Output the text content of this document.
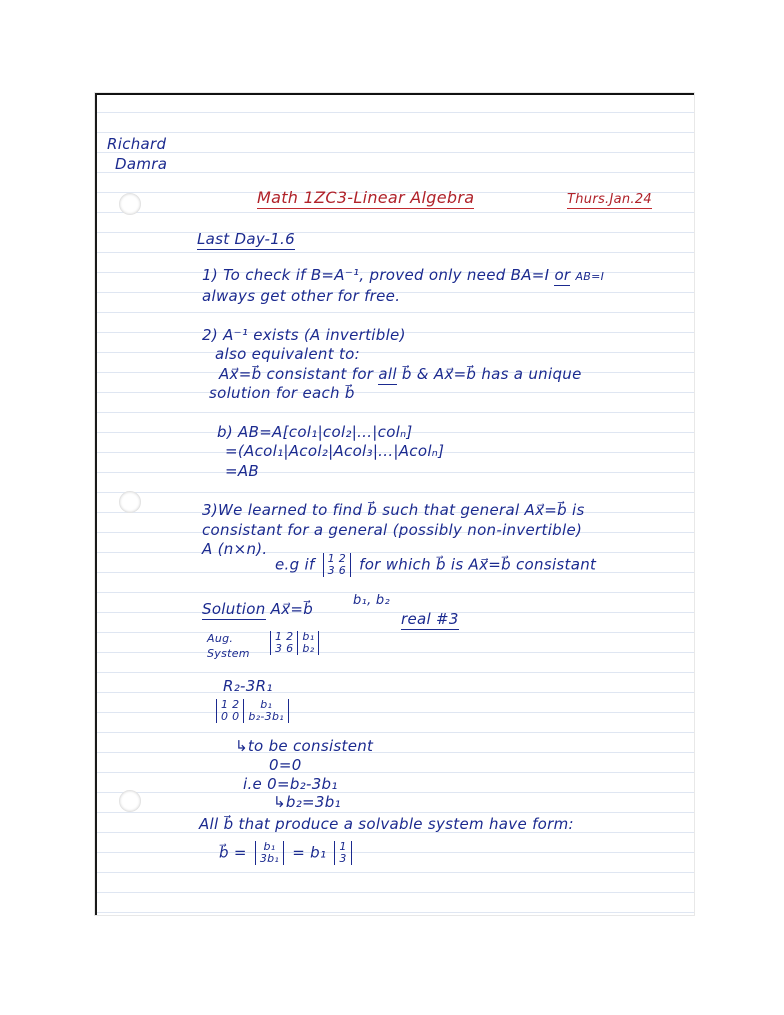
Richard
Damra
Math 1ZC3-Linear Algebra	Thurs.Jan.24
Last Day-1.6
1) To check if B=A⁻¹, proved only need BA=I or AB=I
always get other for free.
2) A⁻¹ exists (A invertible)
also equivalent to:
Ax⃗=b⃗ consistant for all b⃗ & Ax⃗=b⃗ has a unique
solution for each b⃗
b) AB=A[col₁|col₂|...|colₙ]
=(Acol₁|Acol₂|Acol₃|...|Acolₙ]
=AB
3)We learned to find b⃗ such that general Ax⃗=b⃗ is
consistant for a general (possibly non-invertible)
A (n×n).
e.g if 1 2
3 6 for which b⃗ is Ax⃗=b⃗ consistant
Solution Ax⃗=b⃗	b₁, b₂
real #3
Aug.
System
1 2
3 6b₁
b₂
R₂-3R₁
1 2
0 0b₁
b₂-3b₁
↳to be consistent
0=0
i.e 0=b₂-3b₁
↳b₂=3b₁
All b⃗ that produce a solvable system have form:
b⃗ = b₁
3b₁ = b₁ 1
3
